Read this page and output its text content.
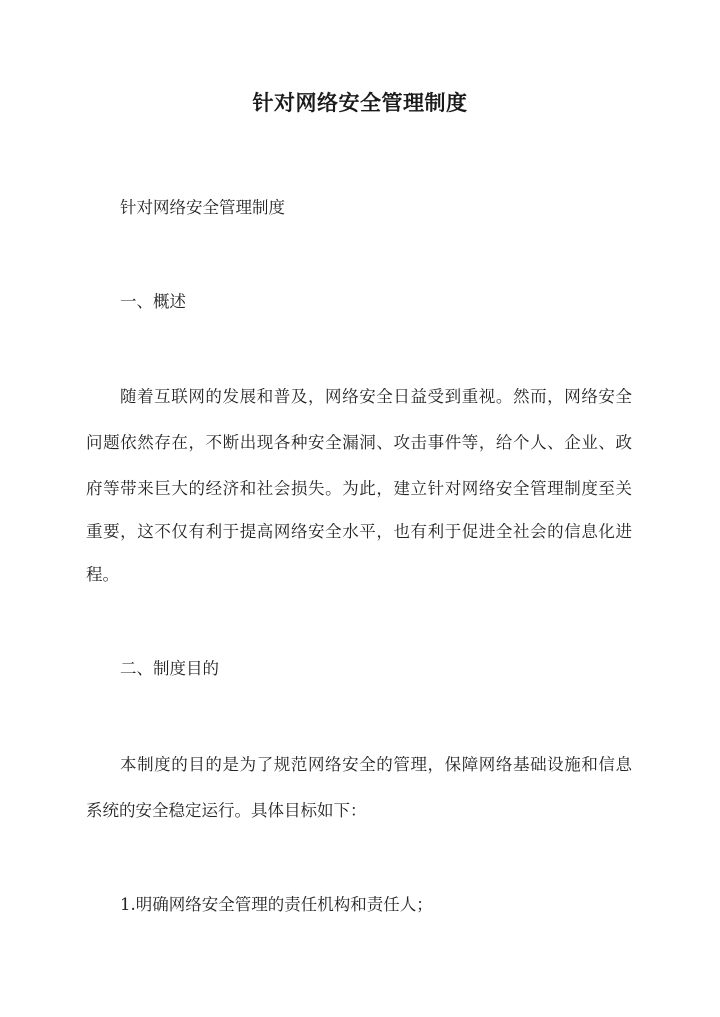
针对网络安全管理制度
针对网络安全管理制度
一、概述
随着互联网的发展和普及，网络安全日益受到重视。然而，网络安全
问题依然存在，不断出现各种安全漏洞、攻击事件等，给个人、企业、政
府等带来巨大的经济和社会损失。为此，建立针对网络安全管理制度至关
重要，这不仅有利于提高网络安全水平，也有利于促进全社会的信息化进
程。
二、制度目的
本制度的目的是为了规范网络安全的管理，保障网络基础设施和信息
系统的安全稳定运行。具体目标如下：
1.明确网络安全管理的责任机构和责任人；
